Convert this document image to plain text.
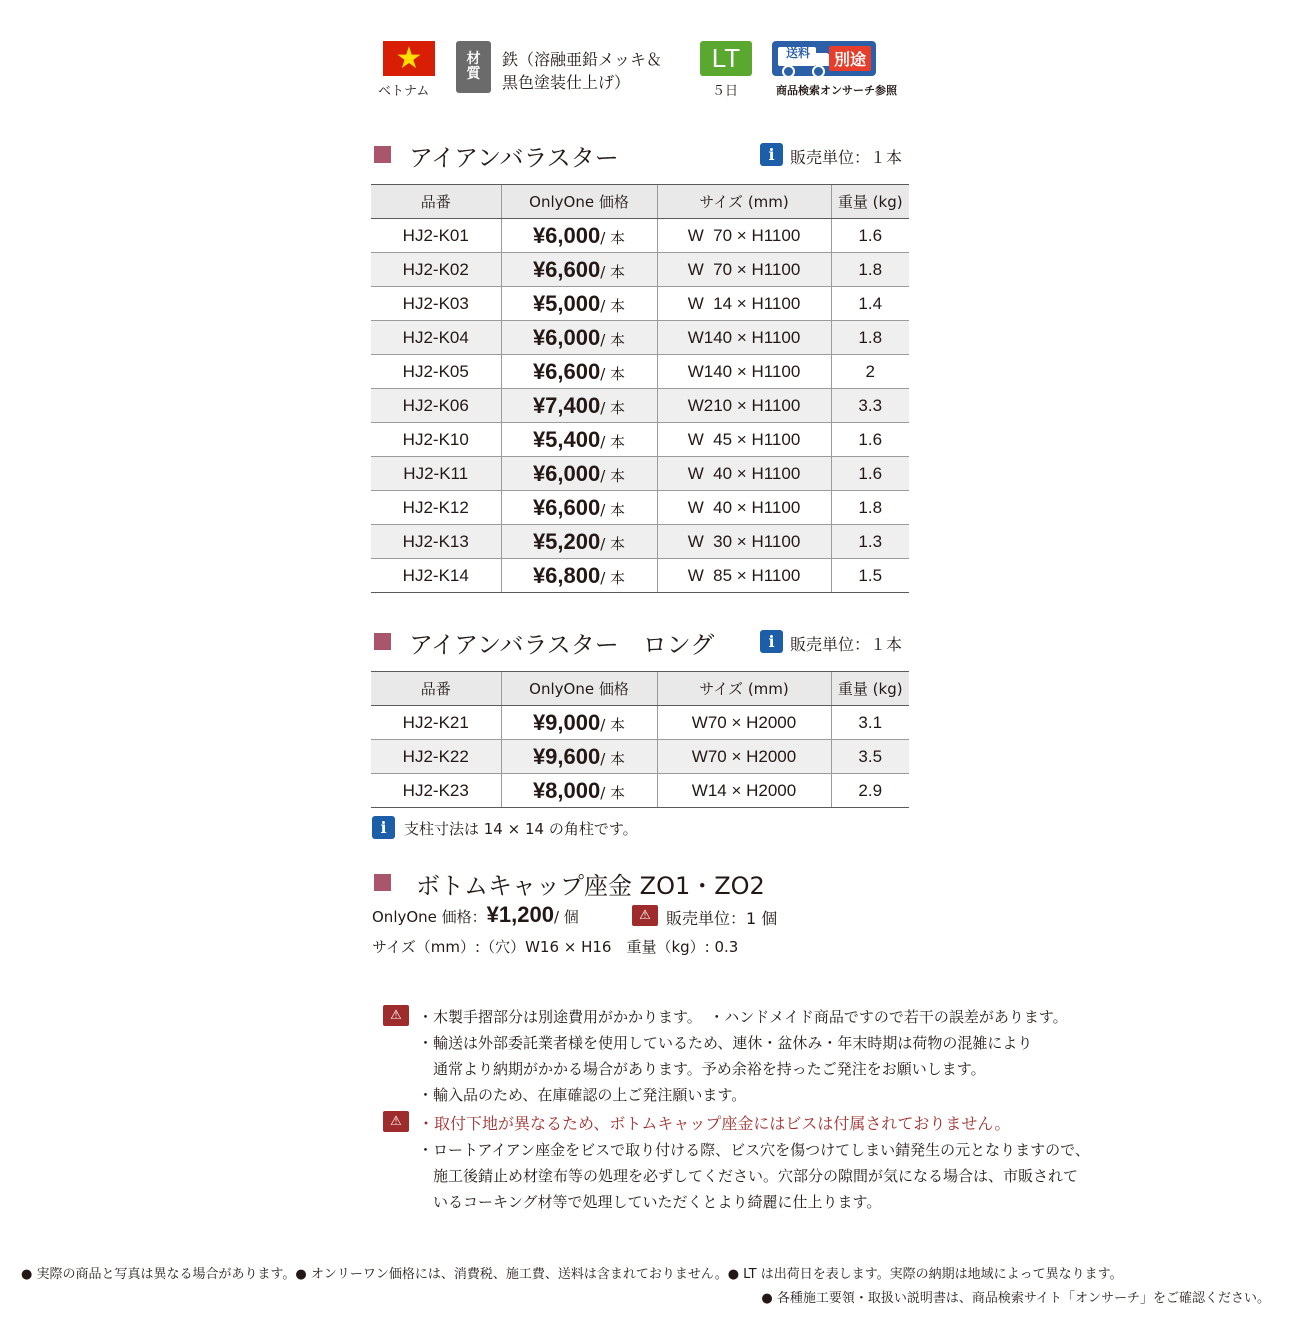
★
ベトナム
材
質
鉄（溶融亜鉛メッキ＆
黒色塗装仕上げ）
LT
５日
送料	別途
商品検索オンサーチ参照
アイアンバラスター	i 販売単位：１本
品番	OnlyOne 価格	サイズ (mm)	重量 (kg)
HJ2-K01	¥6,000/ 本	W  70 × H1100	1.6
HJ2-K02	¥6,600/ 本	W  70 × H1100	1.8
HJ2-K03	¥5,000/ 本	W  14 × H1100	1.4
HJ2-K04	¥6,000/ 本	W140 × H1100	1.8
HJ2-K05	¥6,600/ 本	W140 × H1100	2
HJ2-K06	¥7,400/ 本	W210 × H1100	3.3
HJ2-K10	¥5,400/ 本	W  45 × H1100	1.6
HJ2-K11	¥6,000/ 本	W  40 × H1100	1.6
HJ2-K12	¥6,600/ 本	W  40 × H1100	1.8
HJ2-K13	¥5,200/ 本	W  30 × H1100	1.3
HJ2-K14	¥6,800/ 本	W  85 × H1100	1.5
アイアンバラスター　ロング	i 販売単位：１本
品番	OnlyOne 価格	サイズ (mm)	重量 (kg)
HJ2-K21	¥9,000/ 本	W70 × H2000	3.1
HJ2-K22	¥9,600/ 本	W70 × H2000	3.5
HJ2-K23	¥8,000/ 本	W14 × H2000	2.9
i	支柱寸法は 14 × 14 の角柱です。
ボトムキャップ座金 ZO1・ZO2
OnlyOne 価格：¥1,200/ 個	⚠ 販売単位：1 個
サイズ（mm）:（穴）W16 × H16　重量（kg）: 0.3
⚠	・木製手摺部分は別途費用がかかります。　・ハンドメイド商品ですので若干の誤差があります。
・輸送は外部委託業者様を使用しているため、連休・盆休み・年末時期は荷物の混雑により
　通常より納期がかかる場合があります。予め余裕を持ったご発注をお願いします。
・輸入品のため、在庫確認の上ご発注願います。
⚠	・取付下地が異なるため、ボトムキャップ座金にはビスは付属されておりません。
・ロートアイアン座金をビスで取り付ける際、ビス穴を傷つけてしまい錆発生の元となりますので、
　施工後錆止め材塗布等の処理を必ずしてください。穴部分の隙間が気になる場合は、市販されて
　いるコーキング材等で処理していただくとより綺麗に仕上ります。
● 実際の商品と写真は異なる場合があります。● オンリーワン価格には、消費税、施工費、送料は含まれておりません。● LT は出荷日を表します。実際の納期は地域によって異なります。
● 各種施工要領・取扱い説明書は、商品検索サイト「オンサーチ」をご確認ください。
